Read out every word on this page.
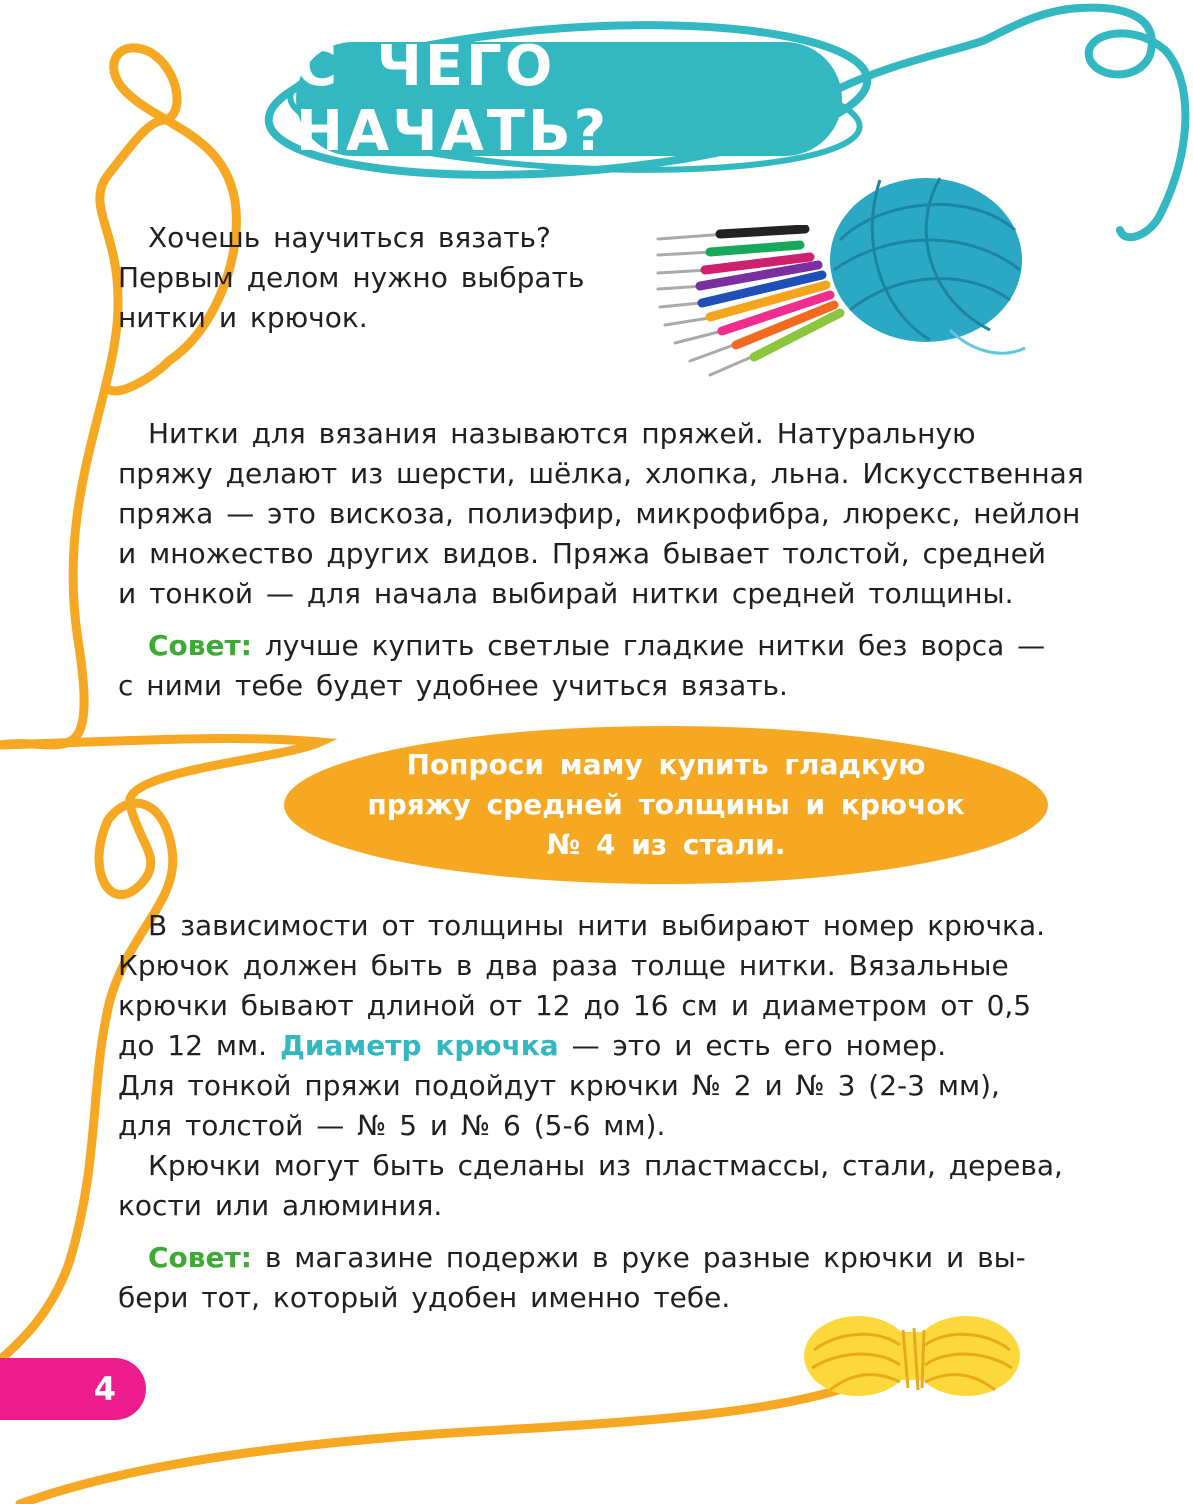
С ЧЕГО НАЧАТЬ?
Хочешь научиться вязать?
Первым делом нужно выбрать
нитки и крючок.
Нитки для вязания называются пряжей. Натуральную
пряжу делают из шерсти, шёлка, хлопка, льна. Искусственная
пряжа — это вискоза, полиэфир, микрофибра, люрекс, нейлон
и множество других видов. Пряжа бывает толстой, средней
и тонкой — для начала выбирай нитки средней толщины.
Совет: лучше купить светлые гладкие нитки без ворса —
с ними тебе будет удобнее учиться вязать.
Попроси маму купить гладкую
пряжу средней толщины и крючок
№ 4 из стали.
В зависимости от толщины нити выбирают номер крючка.
Крючок должен быть в два раза толще нитки. Вязальные
крючки бывают длиной от 12 до 16 см и диаметром от 0,5
до 12 мм. Диаметр крючка — это и есть его номер.
Для тонкой пряжи подойдут крючки № 2 и № 3 (2-3 мм),
для толстой — № 5 и № 6 (5-6 мм).
Крючки могут быть сделаны из пластмассы, стали, дерева,
кости или алюминия.
Совет: в магазине подержи в руке разные крючки и вы-
бери тот, который удобен именно тебе.
4
